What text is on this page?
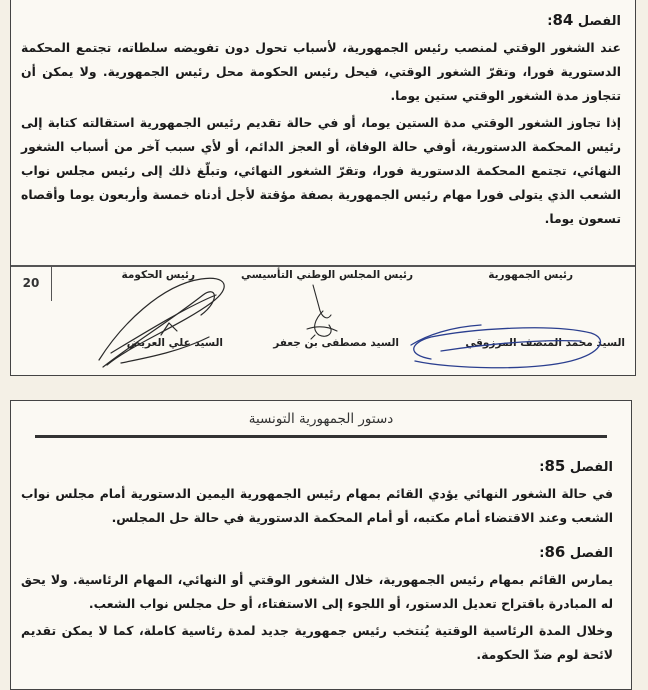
الفصل 84:

عند الشغور الوقتي لمنصب رئيس الجمهورية، لأسباب تحول دون تفويضه سلطاته، تجتمع المحكمة الدستورية فورا، وتقرّ الشغور الوقتي، فيحل رئيس الحكومة محل رئيس الجمهورية. ولا يمكن أن تتجاوز مدة الشغور الوقتي ستين يوما.

إذا تجاوز الشغور الوقتي مدة الستين يوما، أو في حالة تقديم رئيس الجمهورية استقالته كتابة إلى رئيس المحكمة الدستورية، أوفي حالة الوفاة، أو العجز الدائم، أو لأي سبب آخر من أسباب الشغور النهائي، تجتمع المحكمة الدستورية فورا، وتقرّ الشغور النهائي، وتبلّغ ذلك إلى رئيس مجلس نواب الشعب الذي يتولى فورا مهام رئيس الجمهورية بصفة مؤقتة لأجل أدناه خمسة وأربعون يوما وأقصاه تسعون يوما.

20
رئيس الجمهورية
رئيس المجلس الوطني التأسيسي
رئيس الحكومة
السيد محمد المنصف المرزوقي
السيد مصطفى بن جعفر
السيد علي العريض
دستور الجمهورية التونسية
الفصل 85:

في حالة الشغور النهائي يؤدي القائم بمهام رئيس الجمهورية اليمين الدستورية أمام مجلس نواب الشعب وعند الاقتضاء أمام مكتبه، أو أمام المحكمة الدستورية في حالة حل المجلس.

الفصل 86:

يمارس القائم بمهام رئيس الجمهورية، خلال الشغور الوقتي أو النهائي، المهام الرئاسية. ولا يحق له المبادرة باقتراح تعديل الدستور، أو اللجوء إلى الاستفتاء، أو حل مجلس نواب الشعب.

وخلال المدة الرئاسية الوقتية يُنتخب رئيس جمهورية جديد لمدة رئاسية كاملة، كما لا يمكن تقديم لائحة لوم ضدّ الحكومة.
